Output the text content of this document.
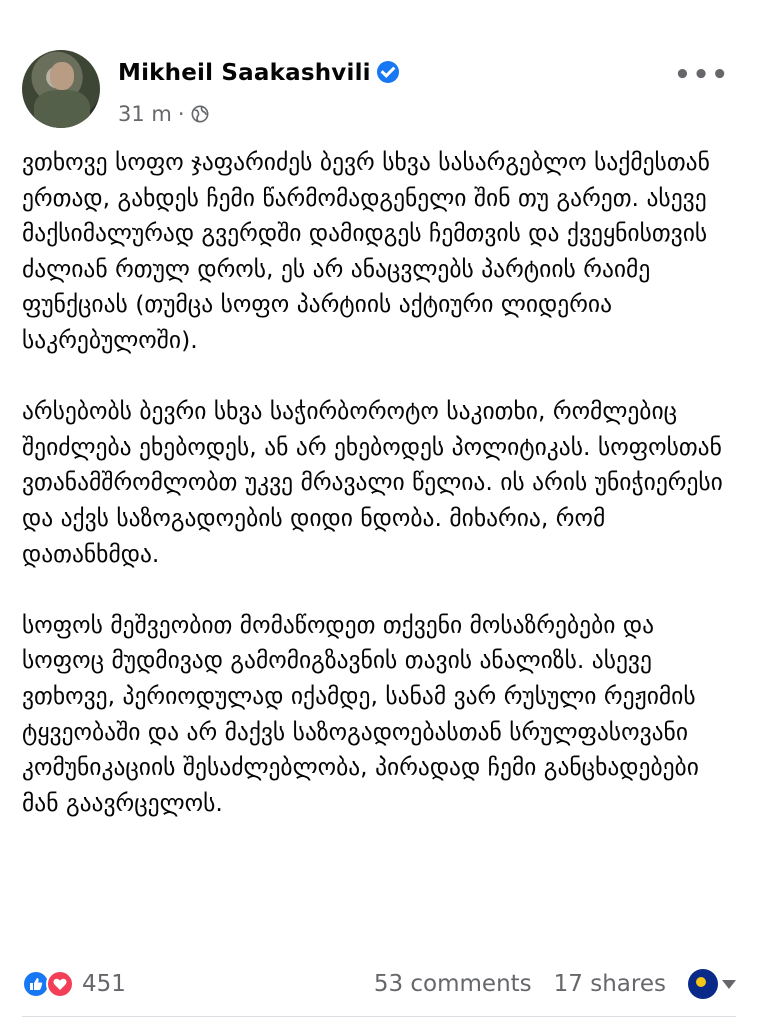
Mikheil Saakashvili
31 m ·
•••

ვთხოვე სოფო ჯაფარიძეს ბევრ სხვა სასარგებლო საქმესთან ერთად, გახდეს ჩემი წარმომადგენელი შინ თუ გარეთ. ასევე მაქსიმალურად გვერდში დამიდგეს ჩემთვის და ქვეყნისთვის ძალიან რთულ დროს, ეს არ ანაცვლებს პარტიის რაიმე ფუნქციას (თუმცა სოფო პარტიის აქტიური ლიდერია საკრებულოში).

არსებობს ბევრი სხვა საჭირბოროტო საკითხი, რომლებიც შეიძლება ეხებოდეს, ან არ ეხებოდეს პოლიტიკას. სოფოსთან ვთანამშრომლობთ უკვე მრავალი წელია. ის არის უნიჭიერესი და აქვს საზოგადოების დიდი ნდობა. მიხარია, რომ დათანხმდა.

სოფოს მეშვეობით მომაწოდეთ თქვენი მოსაზრებები და სოფოც მუდმივად გამომიგზავნის თავის ანალიზს. ასევე ვთხოვე, პერიოდულად იქამდე, სანამ ვარ რუსული რეჟიმის ტყვეობაში და არ მაქვს საზოგადოებასთან სრულფასოვანი კომუნიკაციის შესაძლებლობა, პირადად ჩემი განცხადებები მან გაავრცელოს.

451	53 comments 17 shares
